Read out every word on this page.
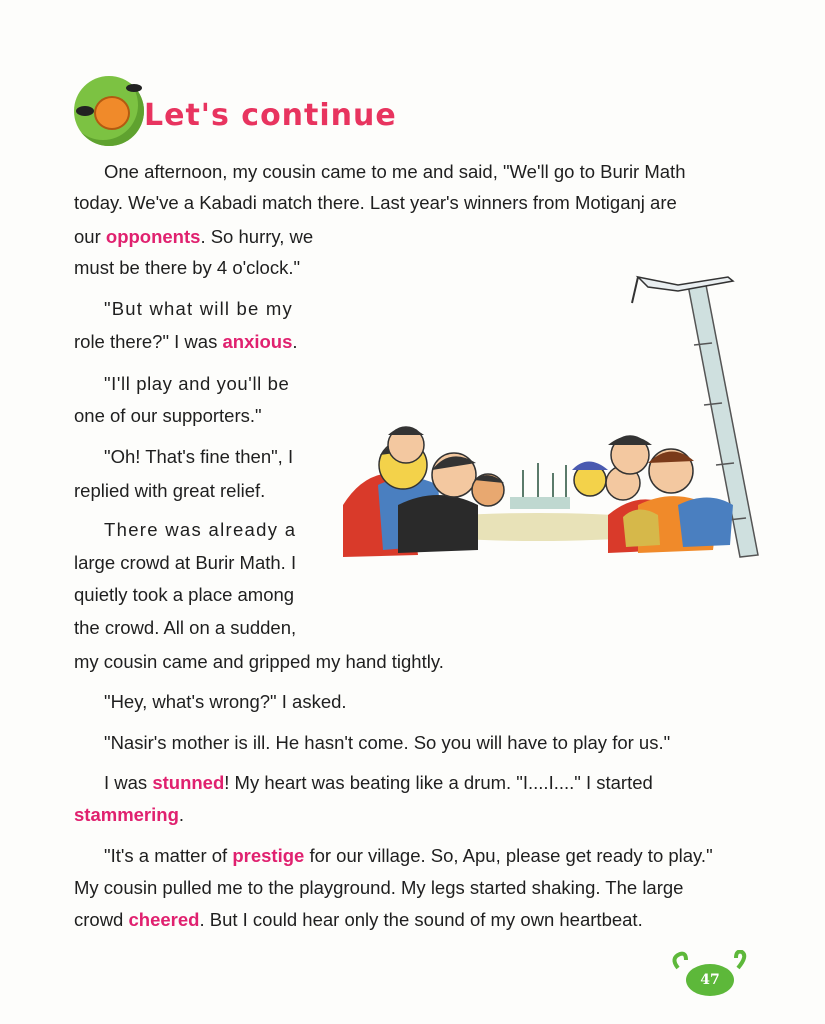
Let's continue

One afternoon, my cousin came to me and said, "We'll go to Burir Math

today. We've a Kabadi match there. Last year's winners from Motiganj are

our opponents. So hurry, we

must be there by 4 o'clock."

"But what will be my

role there?" I was anxious.

"I'll play and you'll be

one of our supporters."

"Oh! That's fine then", I

replied with great relief.

There was already a

large crowd at Burir Math. I

quietly took a place among

the crowd. All on a sudden,

my cousin came and gripped my hand tightly.

"Hey, what's wrong?" I asked.

"Nasir's mother is ill. He hasn't come. So you will have to play for us."

I was stunned! My heart was beating like a drum. "I....I...." I started

stammering.

"It's a matter of prestige for our village. So, Apu, please get ready to play."

My cousin pulled me to the playground. My legs started shaking. The large

crowd cheered. But I could hear only the sound of my own heartbeat.

47
